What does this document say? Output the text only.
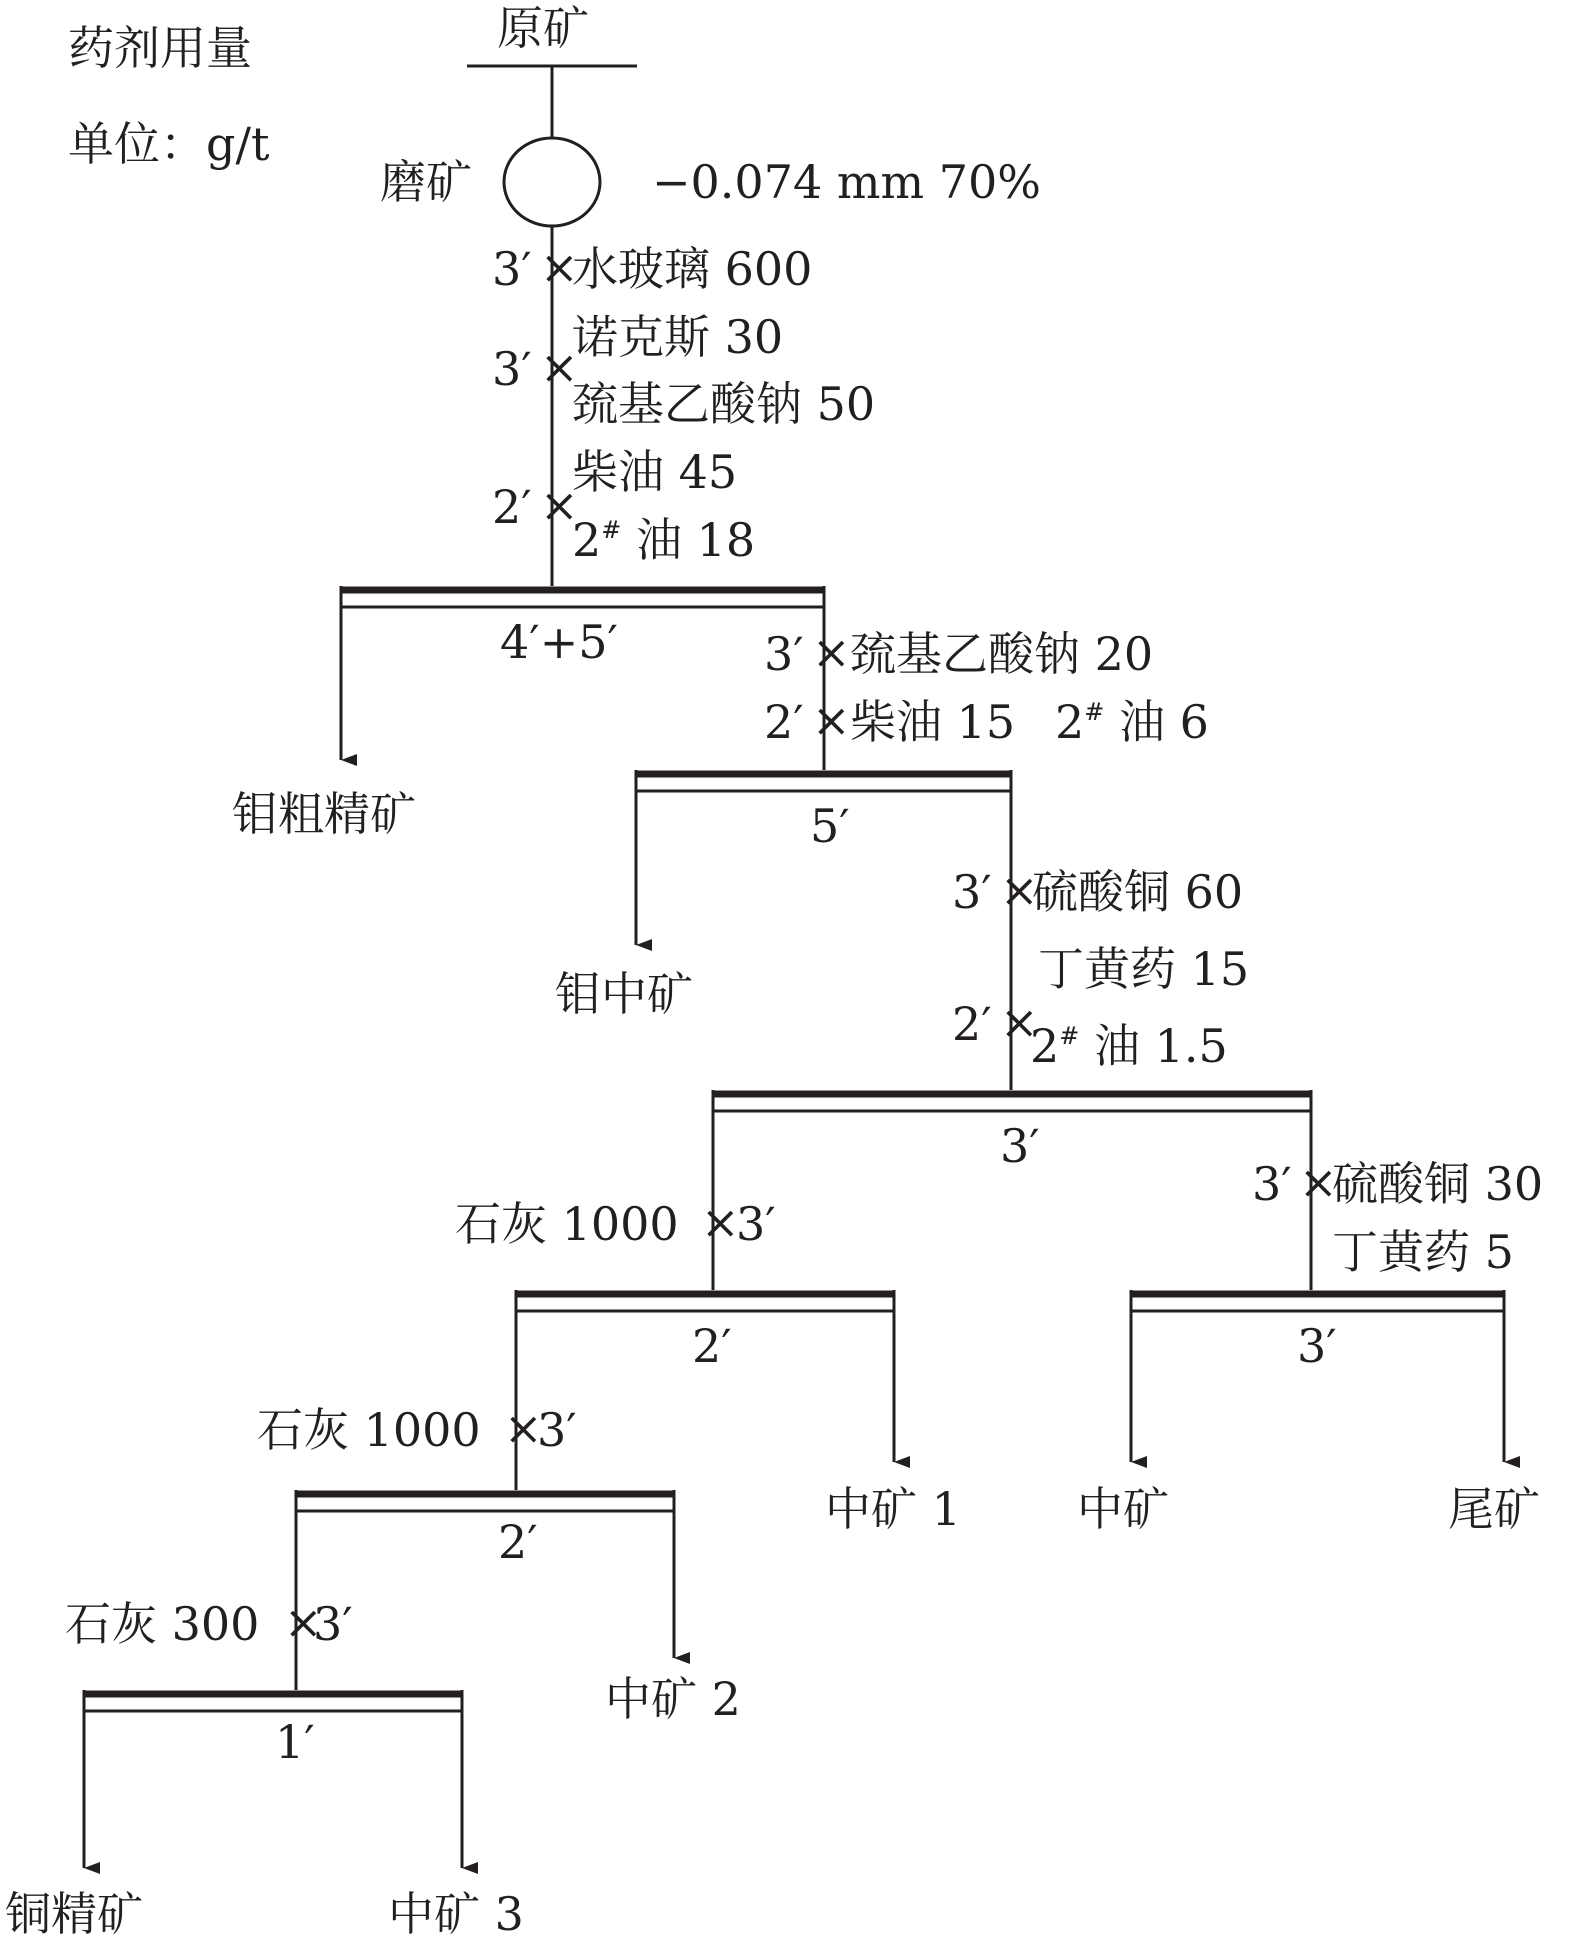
药剂用量
单位：g/t
原矿
磨矿	−0.074 mm 70%
3′ ×
水玻璃 600
诺克斯 30
3′ ×
巯基乙酸钠 50
柴油 45
2′ ×
2# 油 18
4′+5′
钼粗精矿
3′ × 巯基乙酸钠 20
2′ × 柴油 15 2# 油 6
5′
钼中矿
3′ ×
硫酸铜 60
丁黄药 15
2′ ×
2# 油 1.5
3′
石灰 1000 ×
3′
3′ ×
硫酸铜 30
丁黄药 5
2′
中矿 1
3′
中矿	尾矿
石灰 1000 ×
3′
2′
中矿 2
石灰 300 ×
3′
1′
铜精矿	中矿 3
